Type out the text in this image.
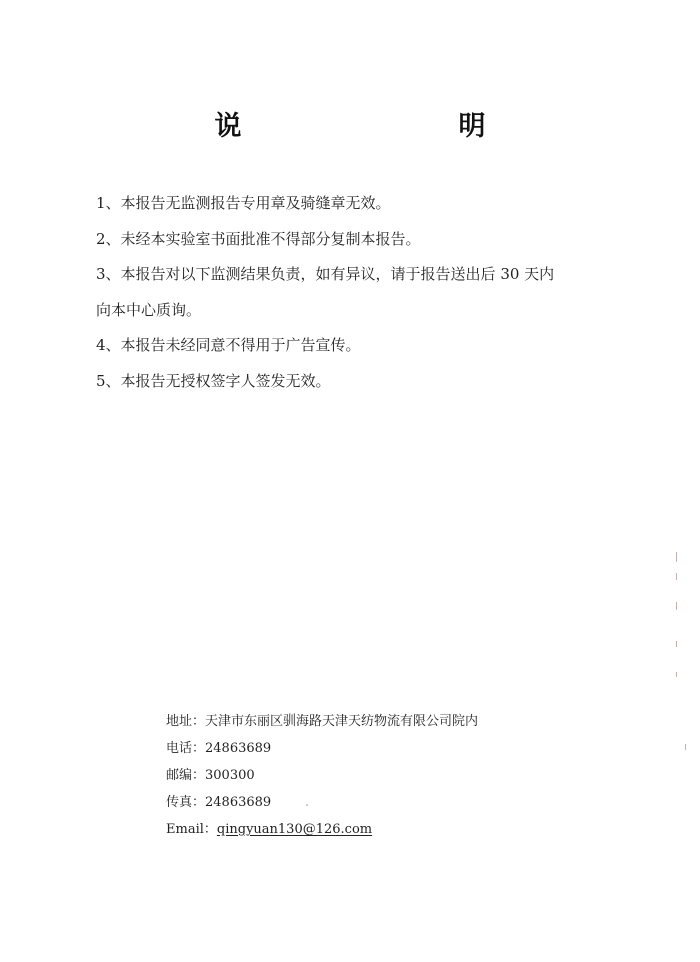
说　明

1、本报告无监测报告专用章及骑缝章无效。

2、未经本实验室书面批准不得部分复制本报告。

3、本报告对以下监测结果负责，如有异议，请于报告送出后 30 天内

向本中心质询。

4、本报告未经同意不得用于广告宣传。

5、本报告无授权签字人签发无效。

地址：天津市东丽区驯海路天津天纺物流有限公司院内
电话：24863689
邮编：300300
传真：24863689
Email：qingyuan130@126.com
